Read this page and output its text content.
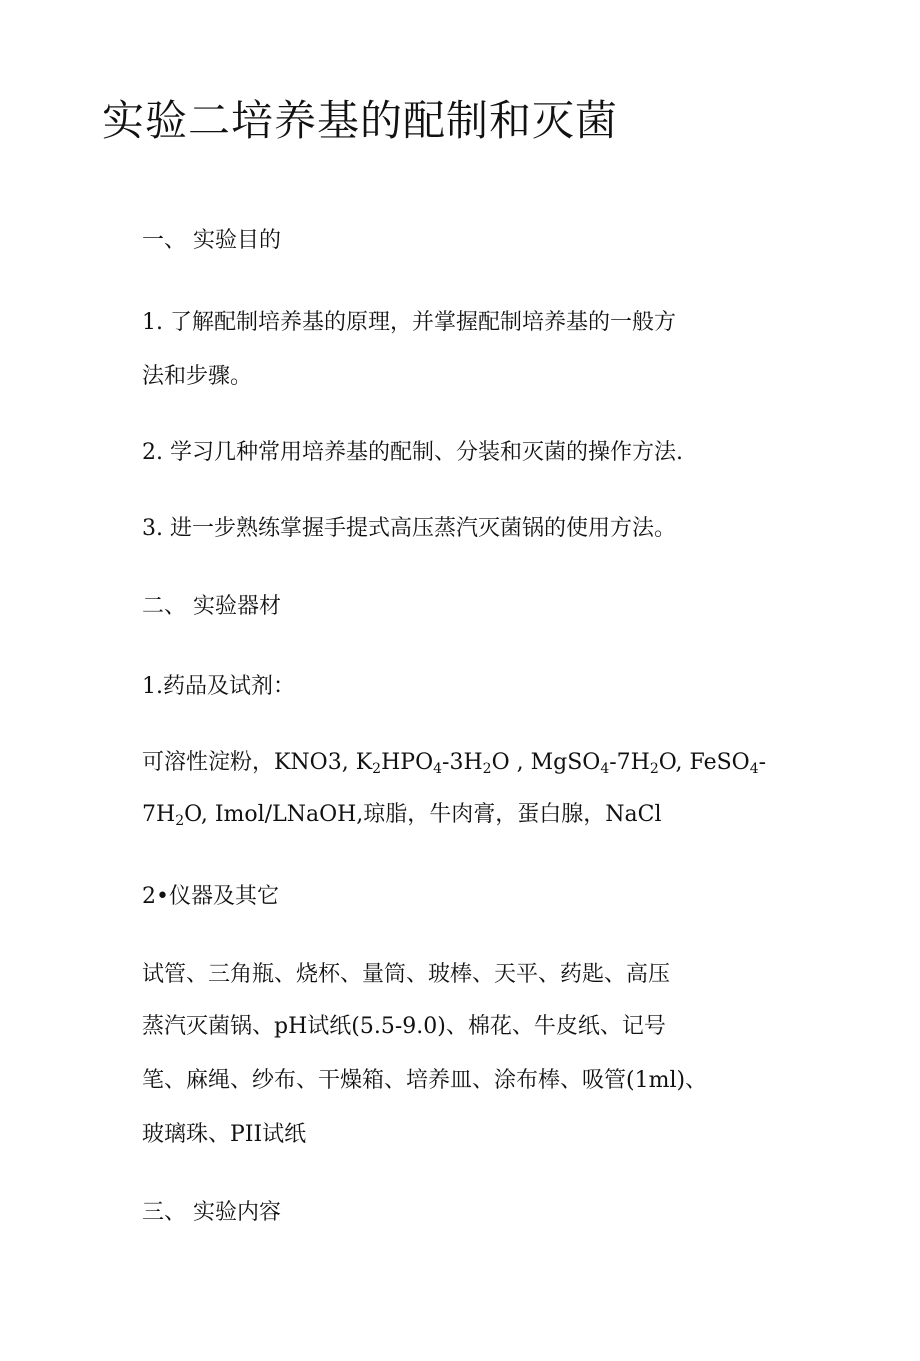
实验二培养基的配制和灭菌

一、 实验目的

1. 了解配制培养基的原理，并掌握配制培养基的一般方

法和步骤。

2. 学习几种常用培养基的配制、分装和灭菌的操作方法.

3. 进一步熟练掌握手提式高压蒸汽灭菌锅的使用方法。

二、 实验器材

1.药品及试剂：

可溶性淀粉，KNO3, $K_2HPO_4-3H_2O$ , $MgSO_4-7H_2O$, FeSO$_4$-

$7H_2O$, Imol/LNaOH,琼脂，牛肉膏，蛋白腺，NaCl

2•仪器及其它

试管、三角瓶、烧杯、量筒、玻棒、天平、药匙、高压

蒸汽灭菌锅、pH试纸(5.5-9.0)、棉花、牛皮纸、记号

笔、麻绳、纱布、干燥箱、培养皿、涂布棒、吸管(1ml)、

玻璃珠、PII试纸

三、 实验内容
